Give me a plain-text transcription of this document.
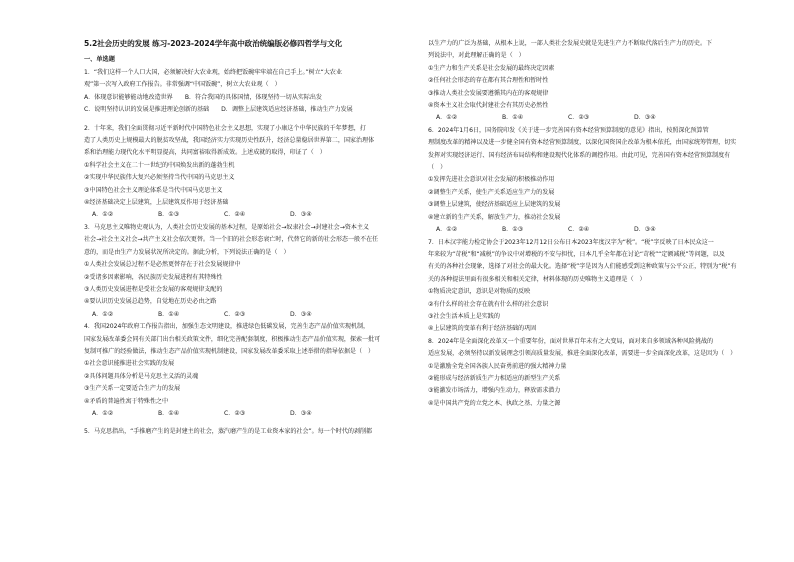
5.2社会历史的发展 练习-2023-2024学年高中政治统编版必修四哲学与文化
一、单选题
1．“我们这样一个人口大国，必须解决好大农业观，始终把饭碗牢牢端在自己手上。”树立“大农业
观”第一次写入政府工作报告。非常强调“中国饭碗”，树立大农业观（　）
A．体现意识能够能动地改造世界　　B．符合我国的具体国情，体现坚持一切从实际出发
C．说明坚持认识的发展是推进理论创新的基础　　D．调整上层建筑适应经济基础，推动生产力发展
2．十年来，我们全面贯彻习近平新时代中国特色社会主义思想，实现了小康这个中华民族的千年梦想，打
造了人类历史上规模最大的脱贫攻坚战，我国经济实力实现历史性跃升，经济总量稳居世界第二，国家治理体
系和治理能力现代化水平明显提高，共同富裕取得新成效。上述成就的取得，印证了（　）
①科学社会主义在二十一世纪的中国焕发出新的蓬勃生机
②实现中华民族伟大复兴必须坚持当代中国的马克思主义
③中国特色社会主义理论体系是当代中国马克思主义
④经济基础决定上层建筑，上层建筑反作用于经济基础
A．①②	B．①③	C．②④	D．③④
3．马克思主义唯物史观认为，人类社会历史发展的基本过程，是原始社会→奴隶社会→封建社会→资本主义
社会→社会主义社会→共产主义社会依次更替。当一个旧的社会形态衰亡时，代替它的新的社会形态一般不在任
意的，而是由生产力发展状况所决定的。据此分析，下列说法正确的是（　）
①人类社会发展总过程不是必然更替存在于社会发展规律中
②受诸多因素影响，各民族历史发展进程有其特殊性
③人类历史发展进程是受社会发展的客观规律支配的
④要认识历史发展总趋势，自觉地在历史必由之路
A．①②	B．①④	C．②③	D．③④
4．我国2024年政府工作报告指出，加强生态文明建设，推进绿色低碳发展，完善生态产品价值实现机制，
国家发展改革委会同有关部门出台相关政策文件，细化完善配套制度，积极推动生态产品价值实现，探索一批可
复制可推广的经验做法，推动生态产品价值实现机制建设，国家发展改革委采取上述举措的指导依据是（　）
①社会意识能推进社会实践的发展
②具体问题具体分析是马克思主义活的灵魂
③生产关系一定要适合生产力的发展
④矛盾的普遍性寓于特殊性之中
A．①②	B．①④	C．②③	D．③④
5．马克思指出，“手推磨产生的是封建主的社会，蒸汽磨产生的是工业资本家的社会”。每一个时代的剥削都
以生产力的广泛为基础，从根本上说，一部人类社会发展史就是先进生产力不断取代落后生产力的历史。下
列说法中，对此理解正确的是（　）
①生产力和生产关系是社会发展的最终决定因素
②任何社会形态的存在都有其合理性和暂时性
③推动人类社会发展要遵循其内在的客观规律
④资本主义社会取代封建社会有其历史必然性
A．①②	B．①④	C．②③	D．③④
6．2024年1月6日，国务院印发《关于进一步完善国有资本经营预算制度的意见》指出，按照深化预算管
理制度改革的精神以及进一步健全国有资本经营预算制度，以深化国资国企改革为根本依托，由国家统筹管理，切实
发挥对实现经济运行、国有经济布局结构和建设现代化体系的调控作用。由此可见，完善国有资本经营预算制度有
（　）
①发挥先进社会意识对社会发展的积极推动作用
②调整生产关系，使生产关系适应生产力的发展
③调整上层建筑，使经济基础适应上层建筑的发展
④建立新的生产关系，解放生产力，推动社会发展
A．①②	B．①③	C．②④	D．③④
7．日本汉字能力检定协会于2023年12月12日公布日本2023年度汉字为“税”。“税”字反映了日本民众这一
年来较为“苛税”和“减税”的争议中对增税的不安与担忧，日本几乎全年都在讨论“苛税”“定额减税”等问题，以及
有关的各种社会现象，选择了对社会的最大化。选择“税”字是因为人们能感受到这种政策与公平公正，特别为“税”有
关的各种提法里面有很多相关和相关定律，材料体现的历史唯物主义道理是（　）
①物质决定意识，意识是对物质的反映
②有什么样的社会存在就有什么样的社会意识
③社会生活本质上是实践的
④上层建筑的变革有利于经济基础的巩固
8．2024年是全面深化改革又一个重要年份，面对世界百年未有之大变局，面对来自多领域各种风险挑战的
适应发展，必须坚持以新发展理念引领高质量发展，推进全面深化改革，需要进一步全面深化改革，这是因为（　）
①是激励全党全国各族人民奋勇前进的强大精神力量
②能形成与经济新质生产力相适应的新型生产关系
③能激发市场活力，增强内生动力，释放需求潜力
④是中国共产党的立党之本、执政之基、力量之源
